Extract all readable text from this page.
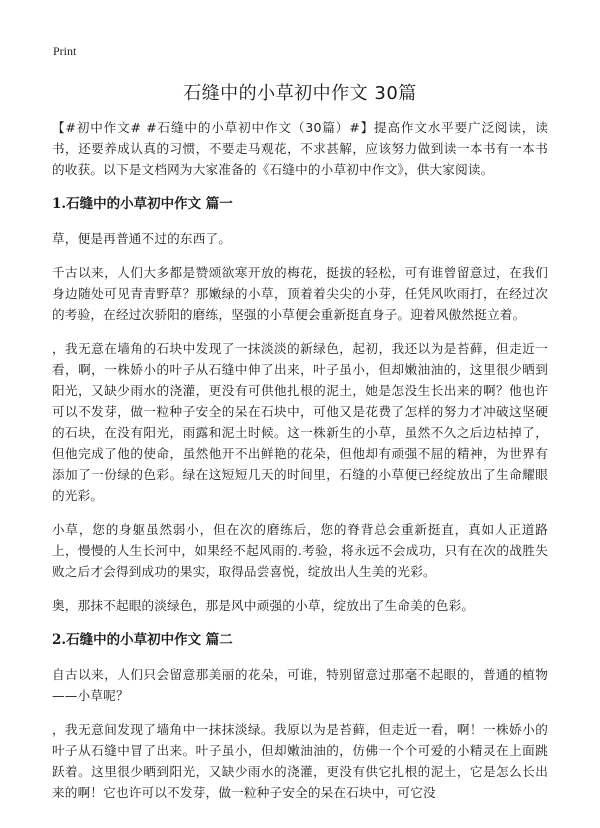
Print
石缝中的小草初中作文 30篇

【#初中作文# #石缝中的小草初中作文（30篇）#】提高作文水平要广泛阅读，读书，还要养成认真的习惯，不要走马观花，不求甚解，应该努力做到读一本书有一本书的收获。以下是文档网为大家准备的《石缝中的小草初中作文》，供大家阅读。

1.石缝中的小草初中作文 篇一

草，便是再普通不过的东西了。

千古以来，人们大多都是赞颂欲寒开放的梅花，挺拔的轻松，可有谁曾留意过，在我们身边随处可见青青野草？那嫩绿的小草，顶着着尖尖的小芽，任凭风吹雨打，在经过次的考验，在经过次骄阳的磨练，坚强的小草便会重新挺直身子。迎着风傲然挺立着。

，我无意在墙角的石块中发现了一抹淡淡的新绿色，起初，我还以为是苔藓，但走近一看，啊，一株娇小的叶子从石缝中伸了出来，叶子虽小，但却嫩油油的，这里很少晒到阳光，又缺少雨水的浇灌，更没有可供他扎根的泥土，她是怎没生长出来的啊？他也许可以不发芽，做一粒种子安全的呆在石块中，可他又是花费了怎样的努力才冲破这坚硬的石块，在没有阳光，雨露和泥土时候。这一株新生的小草，虽然不久之后边枯掉了，但他完成了他的使命，虽然他开不出鲜艳的花朵，但他却有顽强不屈的精神，为世界有添加了一份绿的色彩。绿在这短短几天的时间里，石缝的小草便已经绽放出了生命耀眼的光彩。

小草，您的身躯虽然弱小，但在次的磨练后，您的脊背总会重新挺直，真如人正道路上，慢慢的人生长河中，如果经不起风雨的.考验，将永远不会成功，只有在次的战胜失败之后才会得到成功的果实，取得品尝喜悦，绽放出人生美的光彩。

奥，那抹不起眼的淡绿色，那是风中顽强的小草，绽放出了生命美的色彩。

2.石缝中的小草初中作文 篇二

自古以来，人们只会留意那美丽的花朵，可谁，特别留意过那毫不起眼的，普通的植物——小草呢？

，我无意间发现了墙角中一抹抹淡绿。我原以为是苔藓，但走近一看，啊！一株娇小的叶子从石缝中冒了出来。叶子虽小，但却嫩油油的，仿佛一个个可爱的小精灵在上面跳跃着。这里很少晒到阳光，又缺少雨水的浇灌，更没有供它扎根的泥土，它是怎么长出来的啊！它也许可以不发芽，做一粒种子安全的呆在石块中，可它没
